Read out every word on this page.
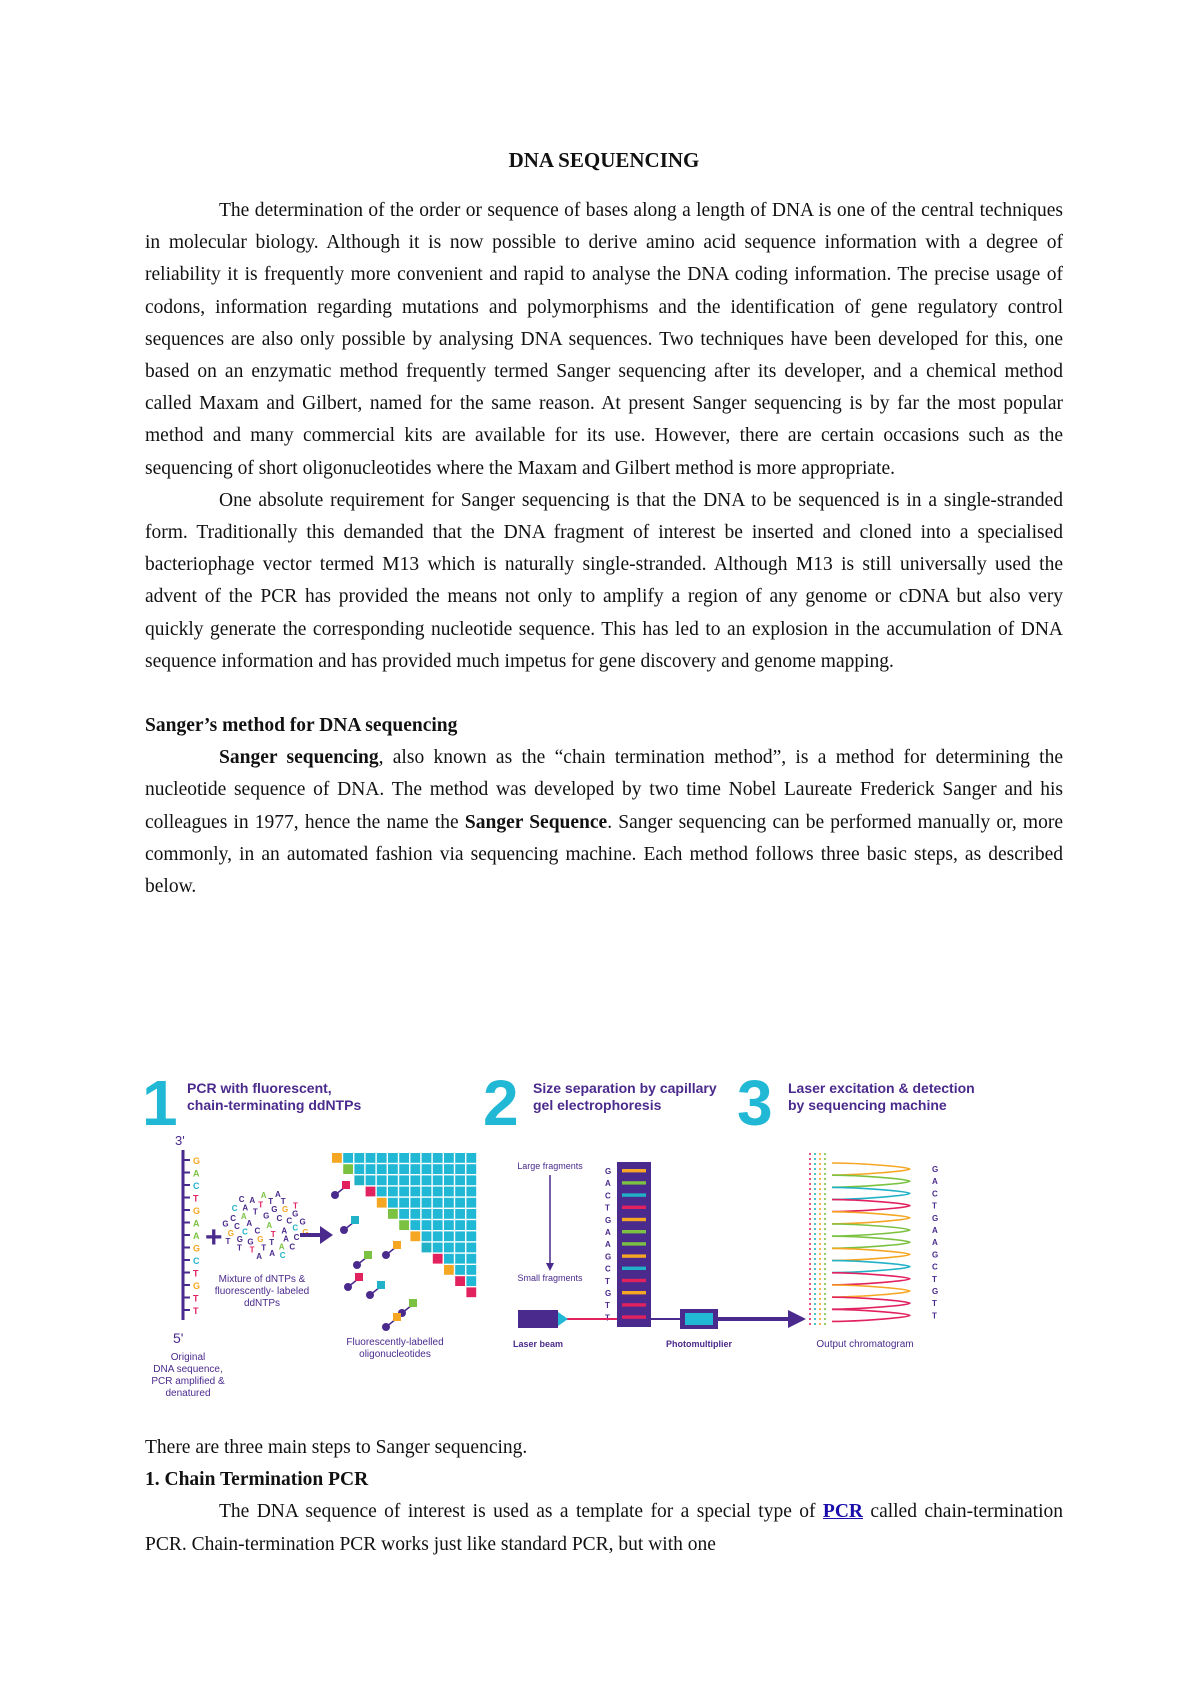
DNA SEQUENCING

The determination of the order or sequence of bases along a length of DNA is one of the central techniques in molecular biology. Although it is now possible to derive amino acid sequence information with a degree of reliability it is frequently more convenient and rapid to analyse the DNA coding information. The precise usage of codons, information regarding mutations and polymorphisms and the identification of gene regulatory control sequences are also only possible by analysing DNA sequences. Two techniques have been developed for this, one based on an enzymatic method frequently termed Sanger sequencing after its developer, and a chemical method called Maxam and Gilbert, named for the same reason. At present Sanger sequencing is by far the most popular method and many commercial kits are available for its use. However, there are certain occasions such as the sequencing of short oligonucleotides where the Maxam and Gilbert method is more appropriate.

One absolute requirement for Sanger sequencing is that the DNA to be sequenced is in a single-stranded form. Traditionally this demanded that the DNA fragment of interest be inserted and cloned into a specialised bacteriophage vector termed M13 which is naturally single-stranded. Although M13 is still universally used the advent of the PCR has provided the means not only to amplify a region of any genome or cDNA but also very quickly generate the corresponding nucleotide sequence. This has led to an explosion in the accumulation of DNA sequence information and has provided much impetus for gene discovery and genome mapping.

Sanger’s method for DNA sequencing

Sanger sequencing, also known as the “chain termination method”, is a method for determining the nucleotide sequence of DNA. The method was developed by two time Nobel Laureate Frederick Sanger and his colleagues in 1977, hence the name the Sanger Sequence. Sanger sequencing can be performed manually or, more commonly, in an automated fashion via sequencing machine. Each method follows three basic steps, as described below.

1 PCR with fluorescent,
chain-terminating ddNTPs 2 Size separation by capillary
gel electrophoresis 3 Laser excitation & detection
by sequencing machine
3'
G
A
C
T
G
A
A
G
C
T
G
T
T
5'
Original
DNA sequence,
PCR amplified &
denatured
+	A
C
G
T
A
C
G
T
A
C
G
T
A
C
G
T
A
C
G
T
A
C
G
T
A
C	G
T
A
C
G
T
A
C
G
T
A
C
G
T
A
C
G
T
A
C
Mixture of dNTPs &
fluorescently- labeled
ddNTPs
Fluorescently-labelled
oligonucleotides
Large fragments
Small fragments
G
A
C
T
G
A
A
G
C
T
G
T
T
Laser beam	Photomultiplier
G
A
C
T
G
A
A
G
C
T
G
T
T
Output chromatogram

There are three main steps to Sanger sequencing.

1. Chain Termination PCR

The DNA sequence of interest is used as a template for a special type of PCR called chain-termination PCR. Chain-termination PCR works just like standard PCR, but with one
